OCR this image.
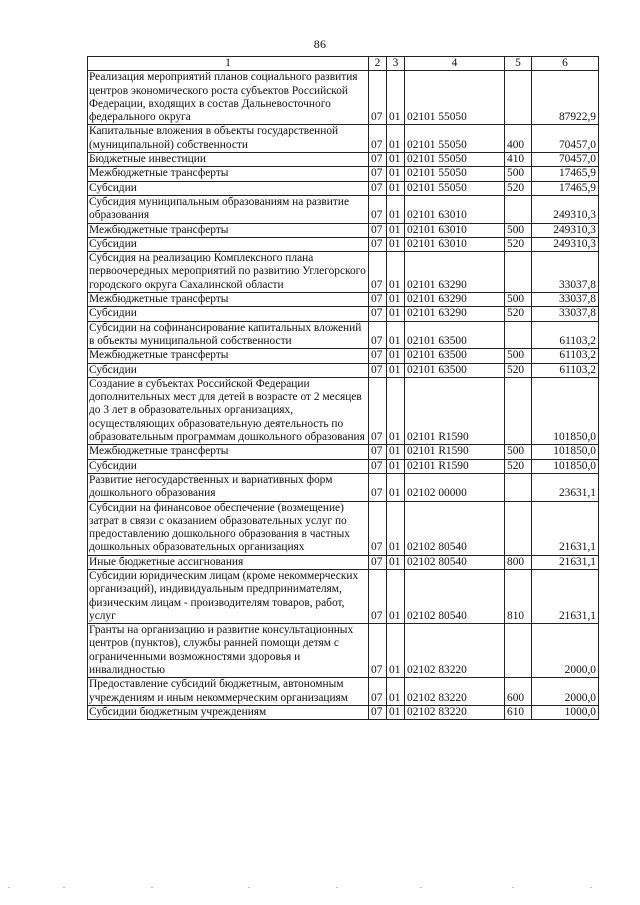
86
1	2	3	4	5	6
Реализация мероприятий планов социального развития центров экономического роста субъектов Российской Федерации, входящих в состав Дальневосточного федерального округа	07	01	02101 55050		87922,9
Капитальные вложения в объекты государственной (муниципальной) собственности	07	01	02101 55050	400	70457,0
Бюджетные инвестиции	07	01	02101 55050	410	70457,0
Межбюджетные трансферты	07	01	02101 55050	500	17465,9
Субсидии	07	01	02101 55050	520	17465,9
Субсидия муниципальным образованиям на развитие образования	07	01	02101 63010		249310,3
Межбюджетные трансферты	07	01	02101 63010	500	249310,3
Субсидии	07	01	02101 63010	520	249310,3
Субсидия на реализацию Комплексного плана первоочередных мероприятий по развитию Углегорского городского округа Сахалинской области	07	01	02101 63290		33037,8
Межбюджетные трансферты	07	01	02101 63290	500	33037,8
Субсидии	07	01	02101 63290	520	33037,8
Субсидии на софинансирование капитальных вложений в объекты муниципальной собственности	07	01	02101 63500		61103,2
Межбюджетные трансферты	07	01	02101 63500	500	61103,2
Субсидии	07	01	02101 63500	520	61103,2
Создание в субъектах Российской Федерации дополнительных мест для детей в возрасте от 2 месяцев до 3 лет в образовательных организациях, осуществляющих образовательную деятельность по образовательным программам дошкольного образования	07	01	02101 R1590		101850,0
Межбюджетные трансферты	07	01	02101 R1590	500	101850,0
Субсидии	07	01	02101 R1590	520	101850,0
Развитие негосударственных и вариативных форм дошкольного образования	07	01	02102 00000		23631,1
Субсидии на финансовое обеспечение (возмещение) затрат в связи с оказанием образовательных услуг по предоставлению дошкольного образования в частных дошкольных образовательных организациях	07	01	02102 80540		21631,1
Иные бюджетные ассигнования	07	01	02102 80540	800	21631,1
Субсидии юридическим лицам (кроме некоммерческих организаций), индивидуальным предпринимателям, физическим лицам - производителям товаров, работ, услуг	07	01	02102 80540	810	21631,1
Гранты на организацию и развитие консультационных центров (пунктов), службы ранней помощи детям с ограниченными возможностями здоровья и инвалидностью	07	01	02102 83220		2000,0
Предоставление субсидий бюджетным, автономным учреждениям и иным некоммерческим организациям	07	01	02102 83220	600	2000,0
Субсидии бюджетным учреждениям	07	01	02102 83220	610	1000,0
